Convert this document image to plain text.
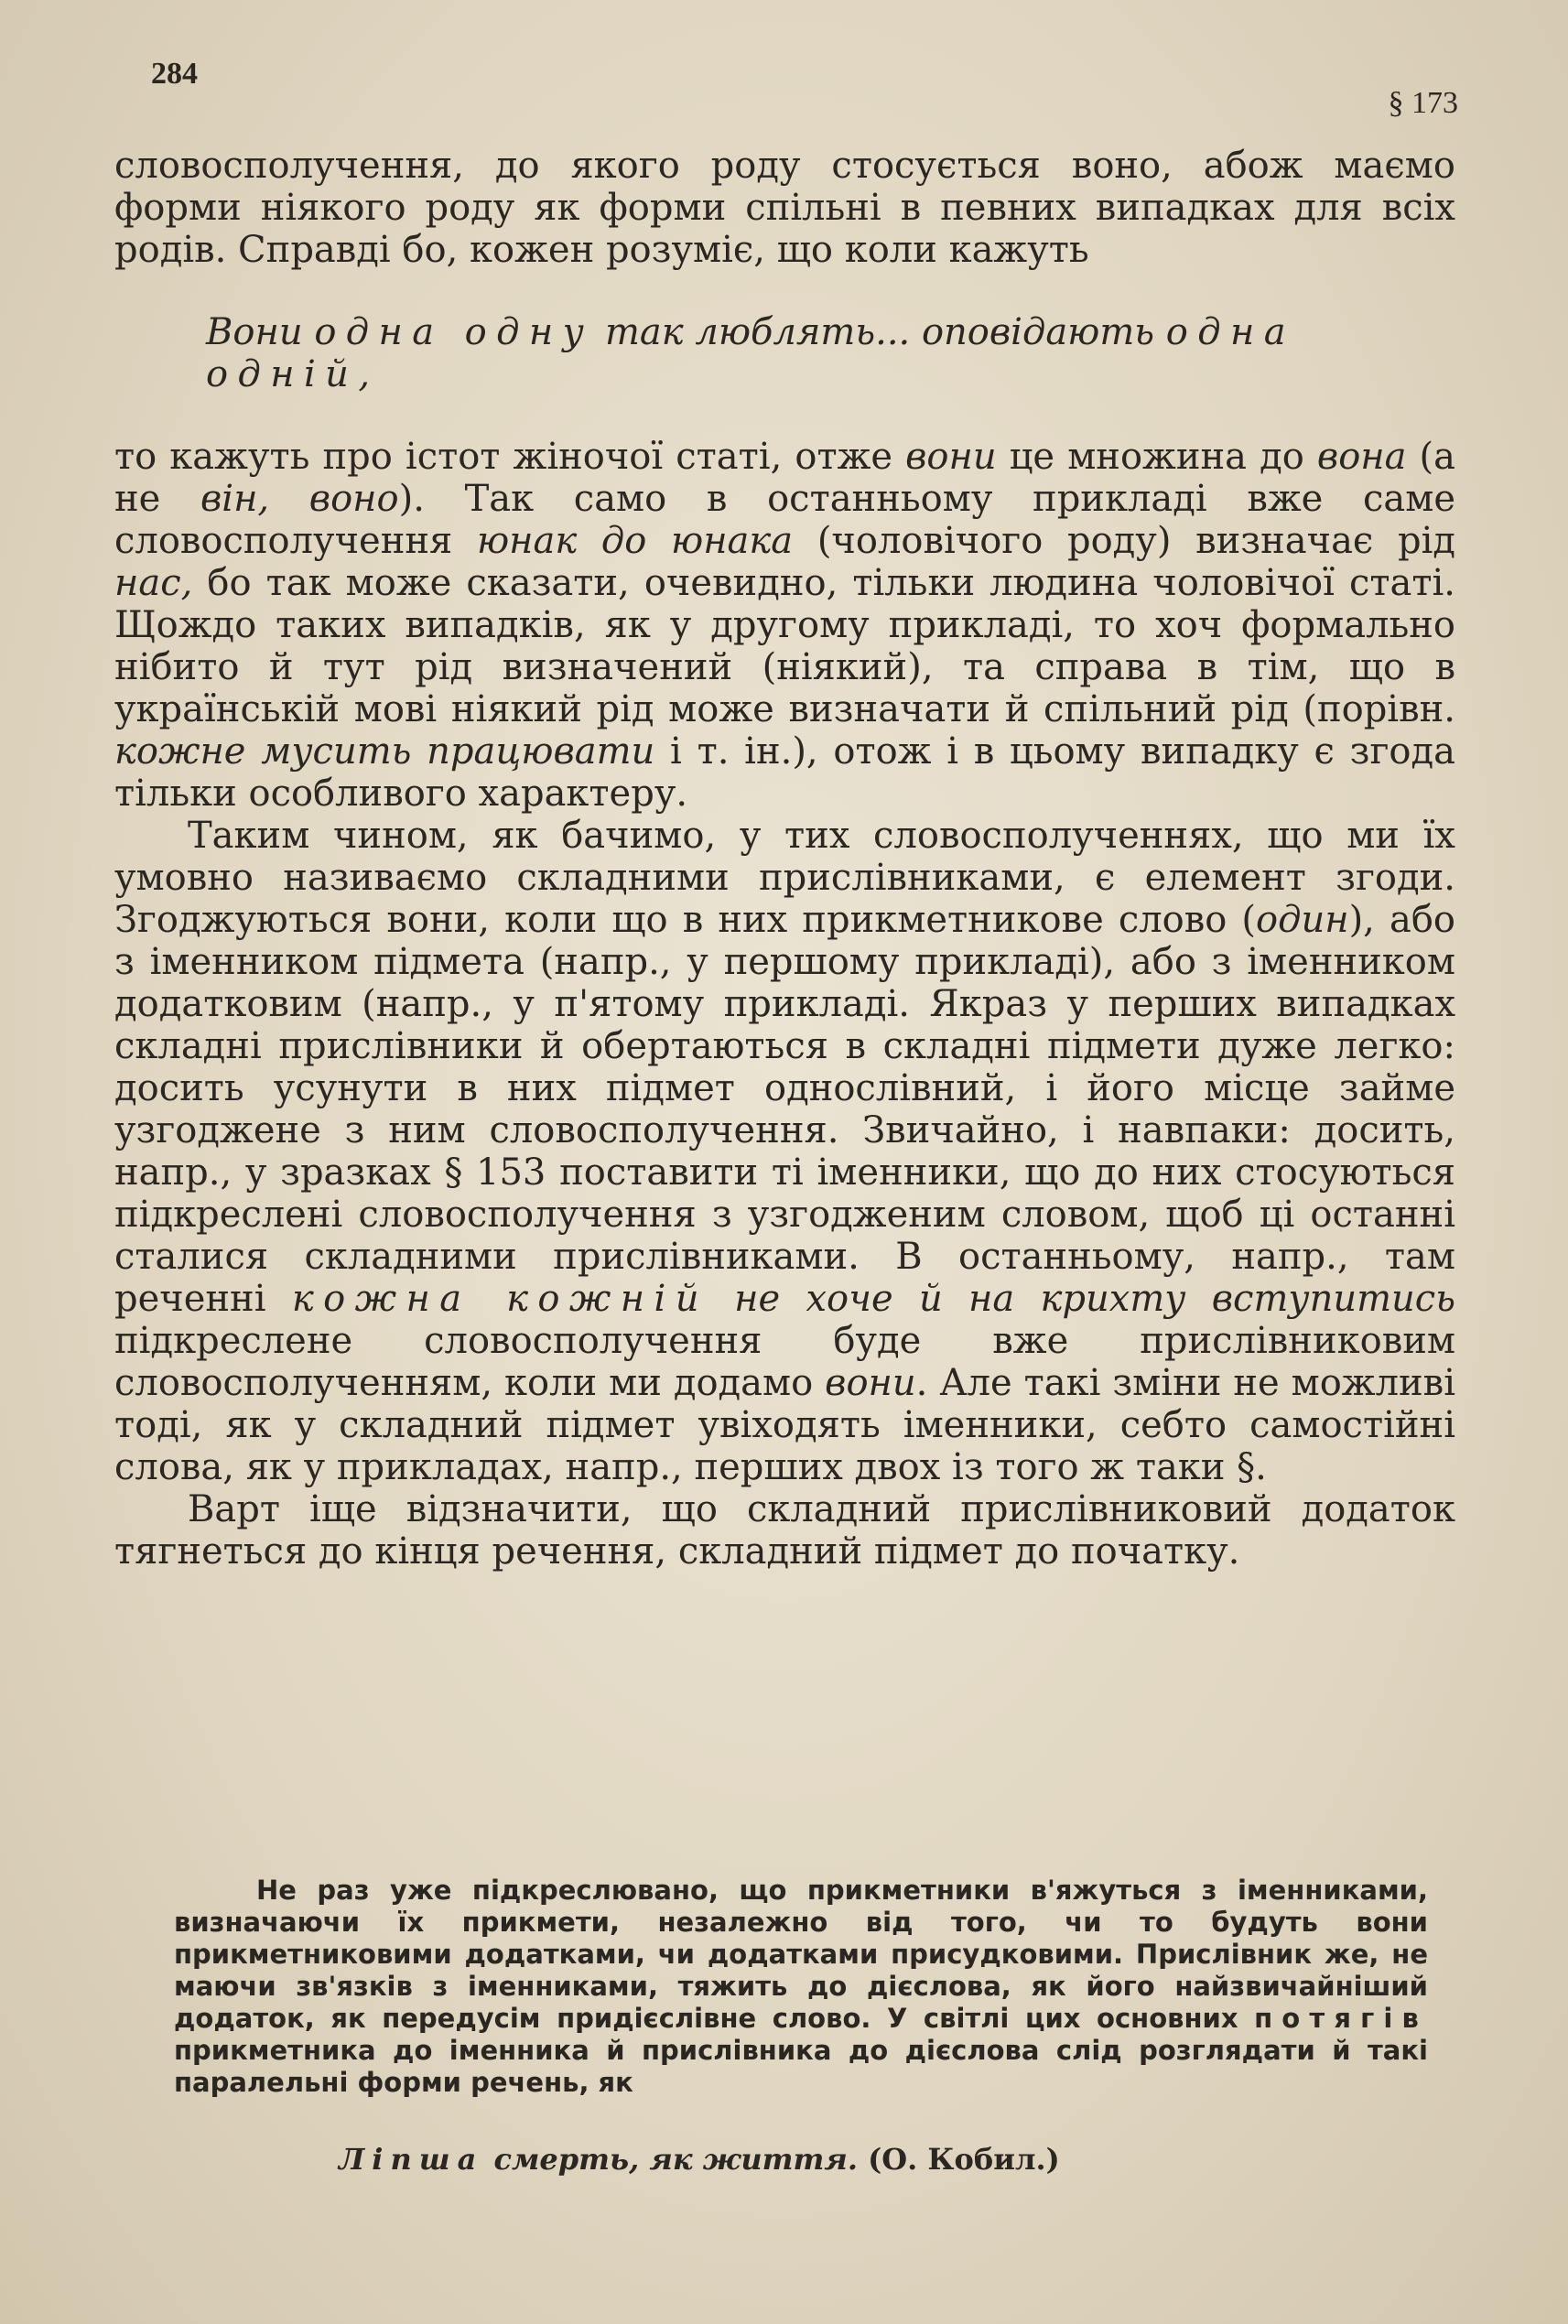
284
§ 173

словосполучення, до якого роду стосується воно, абож маємо форми ніякого роду як форми спільні в певних випадках для всіх родів. Справді бо, кожен розуміє, що коли кажуть

Вони одна одну так люблять... оповідають одна одній,

то кажуть про істот жіночої статі, отже вони це множина до вона (а не він, воно). Так само в останньому прикладі вже саме словосполучення юнак до юнака (чоловічого роду) визначає рід нас, бо так може сказати, очевидно, тільки людина чоловічої статі. Щождо таких випадків, як у другому прикладі, то хоч формально нібито й тут рід визначений (ніякий), та справа в тім, що в українській мові ніякий рід може визначати й спільний рід (порівн. кожне мусить працювати і т. ін.), отож і в цьому випадку є згода тільки особливого характеру.

Таким чином, як бачимо, у тих словосполученнях, що ми їх умовно називаємо складними прислівниками, є елемент згоди. Згоджуються вони, коли що в них прикметникове слово (один), або з іменником підмета (напр., у першому прикладі), або з іменником додатковим (напр., у п'ятому прикладі. Якраз у перших випадках складні прислівники й обертаються в складні підмети дуже легко: досить усунути в них підмет однослівний, і його місце займе узгоджене з ним словосполучення. Звичайно, і навпаки: досить, напр., у зразках § 153 поставити ті іменники, що до них стосуються підкреслені словосполучення з узгодженим словом, щоб ці останні сталися складними прислівниками. В останньому, напр., там реченні кожна кожній не хоче й на крихту вступитись підкреслене словосполучення буде вже прислівниковим словосполученням, коли ми додамо вони. Але такі зміни не можливі тоді, як у складний підмет увіходять іменники, себто самостійні слова, як у прикладах, напр., перших двох із того ж таки §.

Варт іще відзначити, що складний прислівниковий додаток тягнеться до кінця речення, складний підмет до початку.

Не раз уже підкреслювано, що прикметники в'яжуться з іменниками, визначаючи їх прикмети, незалежно від того, чи то будуть вони прикметниковими додатками, чи додатками присудковими. Прислівник же, не маючи зв'язків з іменниками, тяжить до дієслова, як його найзвичайніший додаток, як передусім придієслівне слово. У світлі цих основних потягів прикметника до іменника й прислівника до дієслова слід розглядати й такі паралельні форми речень, як

Ліпша смерть, як життя. (О. Кобил.)
